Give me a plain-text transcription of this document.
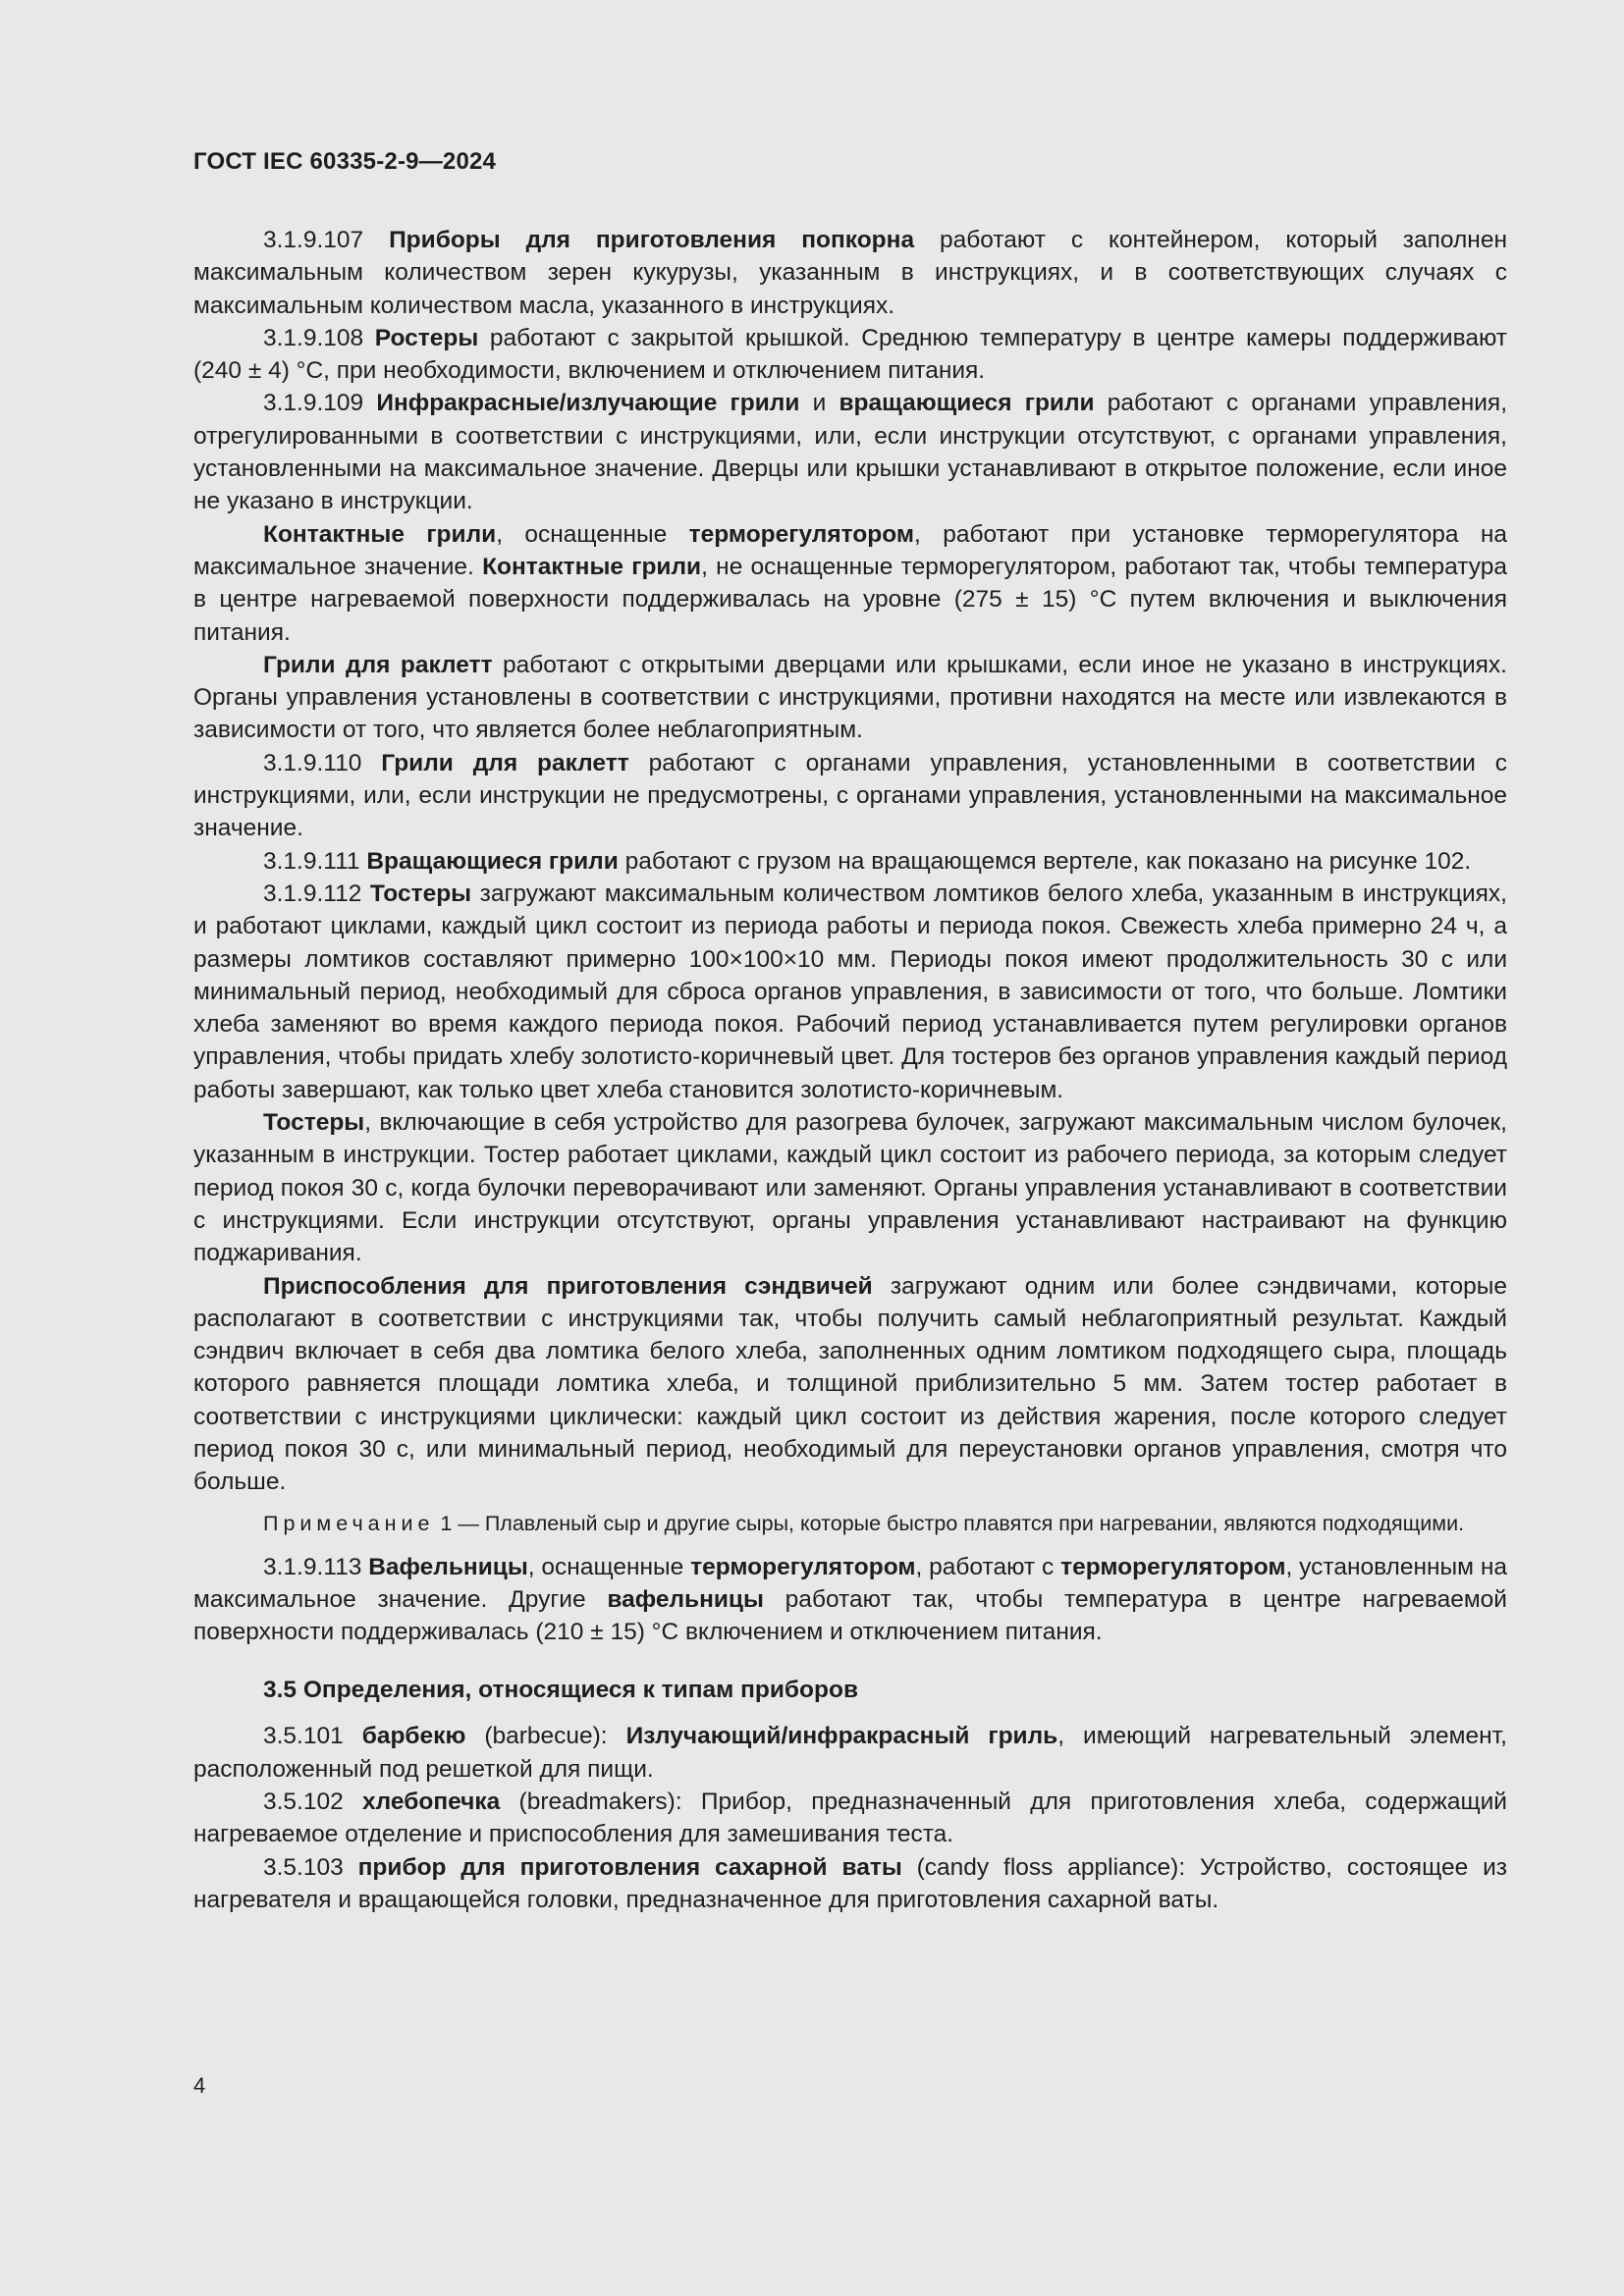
ГОСТ IEC 60335-2-9—2024

3.1.9.107 Приборы для приготовления попкорна работают с контейнером, который заполнен максимальным количеством зерен кукурузы, указанным в инструкциях, и в соответствующих случаях с максимальным количеством масла, указанного в инструкциях.

3.1.9.108 Ростеры работают с закрытой крышкой. Среднюю температуру в центре камеры поддерживают (240 ± 4) °С, при необходимости, включением и отключением питания.

3.1.9.109 Инфракрасные/излучающие грили и вращающиеся грили работают с органами управления, отрегулированными в соответствии с инструкциями, или, если инструкции отсутствуют, с органами управления, установленными на максимальное значение. Дверцы или крышки устанавливают в открытое положение, если иное не указано в инструкции.

Контактные грили, оснащенные терморегулятором, работают при установке терморегулятора на максимальное значение. Контактные грили, не оснащенные терморегулятором, работают так, чтобы температура в центре нагреваемой поверхности поддерживалась на уровне (275 ± 15) °С путем включения и выключения питания.

Грили для раклетт работают с открытыми дверцами или крышками, если иное не указано в инструкциях. Органы управления установлены в соответствии с инструкциями, противни находятся на месте или извлекаются в зависимости от того, что является более неблагоприятным.

3.1.9.110 Грили для раклетт работают с органами управления, установленными в соответствии с инструкциями, или, если инструкции не предусмотрены, с органами управления, установленными на максимальное значение.

3.1.9.111 Вращающиеся грили работают с грузом на вращающемся вертеле, как показано на рисунке 102.

3.1.9.112 Тостеры загружают максимальным количеством ломтиков белого хлеба, указанным в инструкциях, и работают циклами, каждый цикл состоит из периода работы и периода покоя. Свежесть хлеба примерно 24 ч, а размеры ломтиков составляют примерно 100×100×10 мм. Периоды покоя имеют продолжительность 30 с или минимальный период, необходимый для сброса органов управления, в зависимости от того, что больше. Ломтики хлеба заменяют во время каждого периода покоя. Рабочий период устанавливается путем регулировки органов управления, чтобы придать хлебу золотисто-коричневый цвет. Для тостеров без органов управления каждый период работы завершают, как только цвет хлеба становится золотисто-коричневым.

Тостеры, включающие в себя устройство для разогрева булочек, загружают максимальным числом булочек, указанным в инструкции. Тостер работает циклами, каждый цикл состоит из рабочего периода, за которым следует период покоя 30 с, когда булочки переворачивают или заменяют. Органы управления устанавливают в соответствии с инструкциями. Если инструкции отсутствуют, органы управления устанавливают настраивают на функцию поджаривания.

Приспособления для приготовления сэндвичей загружают одним или более сэндвичами, которые располагают в соответствии с инструкциями так, чтобы получить самый неблагоприятный результат. Каждый сэндвич включает в себя два ломтика белого хлеба, заполненных одним ломтиком подходящего сыра, площадь которого равняется площади ломтика хлеба, и толщиной приблизительно 5 мм. Затем тостер работает в соответствии с инструкциями циклически: каждый цикл состоит из действия жарения, после которого следует период покоя 30 с, или минимальный период, необходимый для переустановки органов управления, смотря что больше.

Примечание 1 — Плавленый сыр и другие сыры, которые быстро плавятся при нагревании, являются подходящими.

3.1.9.113 Вафельницы, оснащенные терморегулятором, работают с терморегулятором, установленным на максимальное значение. Другие вафельницы работают так, чтобы температура в центре нагреваемой поверхности поддерживалась (210 ± 15) °С включением и отключением питания.

3.5 Определения, относящиеся к типам приборов

3.5.101 барбекю (barbecue): Излучающий/инфракрасный гриль, имеющий нагревательный элемент, расположенный под решеткой для пищи.

3.5.102 хлебопечка (breadmakers): Прибор, предназначенный для приготовления хлеба, содержащий нагреваемое отделение и приспособления для замешивания теста.

3.5.103 прибор для приготовления сахарной ваты (candy floss appliance): Устройство, состоящее из нагревателя и вращающейся головки, предназначенное для приготовления сахарной ваты.

4
